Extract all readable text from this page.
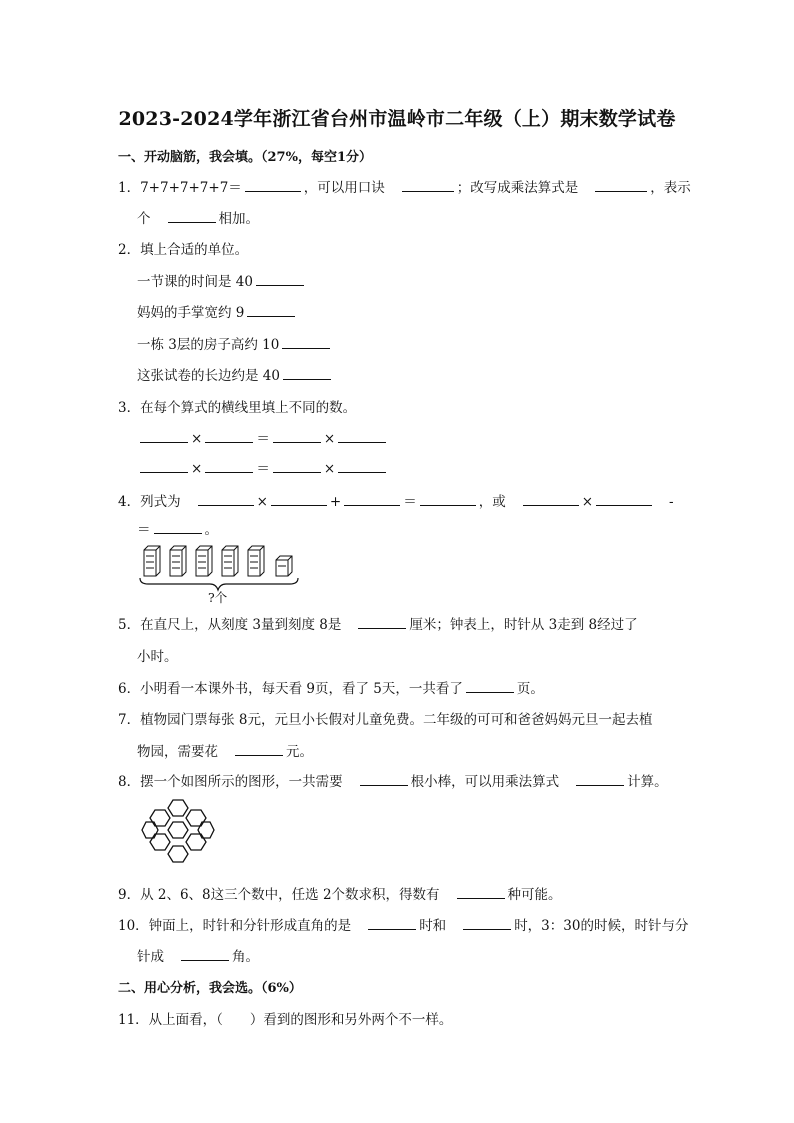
2023-2024学年浙江省台州市温岭市二年级（上）期末数学试卷
一、开动脑筋，我会填。（27%，每空1分）
1．7+7+7+7+7＝	，可以用口诀	；改写成乘法算式是	，表示
个	相加。
2．填上合适的单位。
一节课的时间是 40
妈妈的手掌宽约 9
一栋 3层的房子高约 10
这张试卷的长边约是 40
3．在每个算式的横线里填上不同的数。
×	＝	×
×	＝	×
4．列式为	×	+	＝	，或	×	-
＝	。
?个
5．在直尺上，从刻度 3量到刻度 8是	厘米；钟表上，时针从 3走到 8经过了
小时。
6．小明看一本课外书，每天看 9页，看了 5天，一共看了	页。
7．植物园门票每张 8元，元旦小长假对儿童免费。二年级的可可和爸爸妈妈元旦一起去植
物园，需要花	元。
8．摆一个如图所示的图形，一共需要	根小棒，可以用乘法算式	计算。
9．从 2、6、8这三个数中，任选 2个数求积，得数有	种可能。
10．钟面上，时针和分针形成直角的是	时和	时，3：30的时候，时针与分
针成	角。
二、用心分析，我会选。（6%）
11．从上面看，（　　）看到的图形和另外两个不一样。
